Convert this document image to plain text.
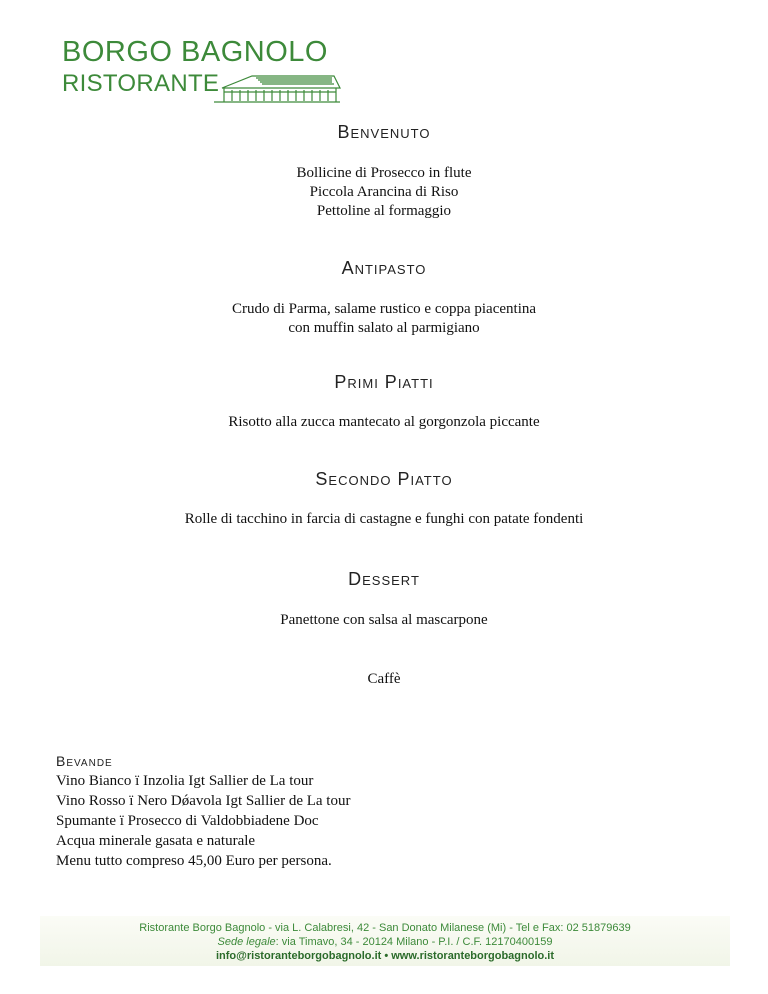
BORGO BAGNOLO
RISTORANTE
Benvenuto
Bollicine di Prosecco in flute
Piccola Arancina di Riso
Pettoline al formaggio
Antipasto
Crudo di Parma, salame rustico e coppa piacentina
con muffin salato al parmigiano
Primi Piatti
Risotto alla zucca mantecato al gorgonzola piccante
Secondo Piatto
Rolle di tacchino in farcia di castagne e funghi con patate fondenti
Dessert
Panettone con salsa al mascarpone
Caffè
Bevande
Vino Bianco ï Inzolia Igt Sallier de La tour
Vino Rosso ï Nero Dǿavola Igt Sallier de La tour
Spumante ï Prosecco di Valdobbiadene Doc
Acqua minerale gasata e naturale
Menu tutto compreso 45,00 Euro per persona.
Ristorante Borgo Bagnolo - via L. Calabresi, 42 - San Donato Milanese (Mi) - Tel e Fax: 02 51879639
Sede legale: via Timavo, 34 - 20124 Milano - P.I. / C.F. 12170400159
info@ristoranteborgobagnolo.it • www.ristoranteborgobagnolo.it
